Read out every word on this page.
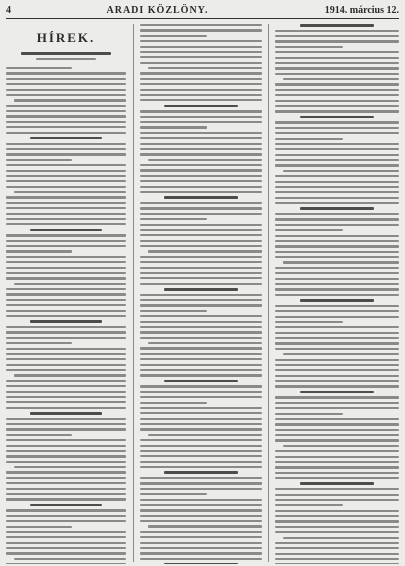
4	ARADI KÖZLÖNY.	1914. március 12.
HÍREK.
